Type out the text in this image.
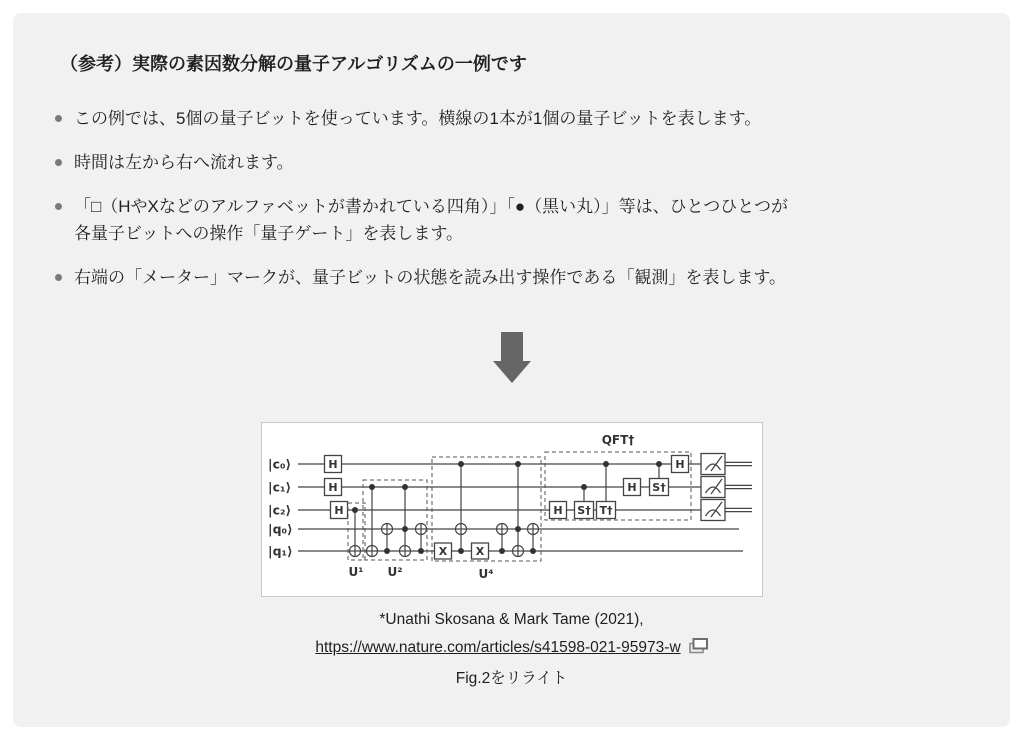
（参考）実際の素因数分解の量子アルゴリズムの一例です
この例では、5個の量子ビットを使っています。横線の1本が1個の量子ビットを表します。
時間は左から右へ流れます。
「□（HやXなどのアルファベットが書かれている四角）」「●（黒い丸）」等は、ひとつひとつが
各量子ビットへの操作「量子ゲート」を表します。
右端の「メーター」マークが、量子ビットの状態を読み出す操作である「観測」を表します。
|c₀⟩
|c₁⟩
|c₂⟩
|q₀⟩
|q₁⟩
H
H
H
X	X
H S† T†
H S†
H
U¹ U²	U⁴
QFT†
*Unathi Skosana & Mark Tame (2021),
https://www.nature.com/articles/s41598-021-95973-w
Fig.2をリライト
